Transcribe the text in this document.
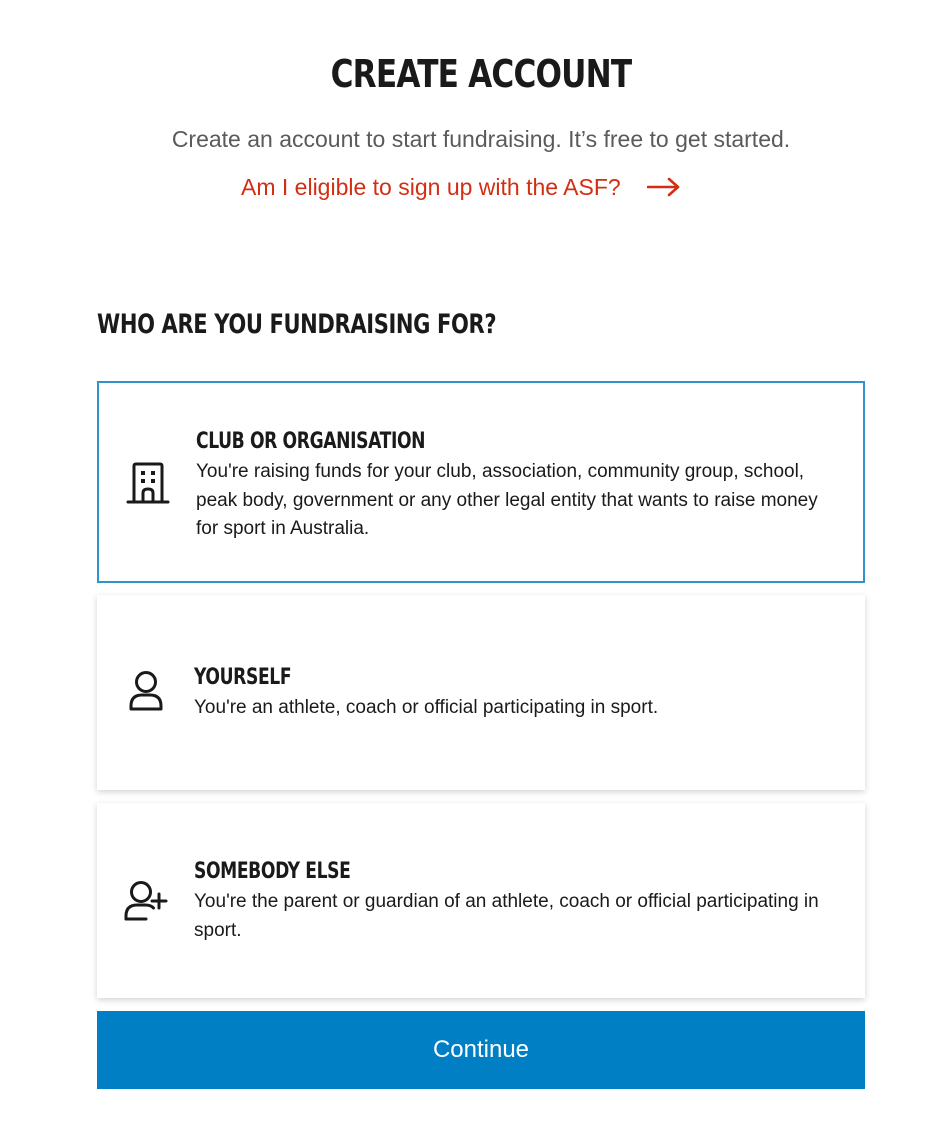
CREATE ACCOUNT
Create an account to start fundraising. It’s free to get started.
Am I eligible to sign up with the ASF?
WHO ARE YOU FUNDRAISING FOR?
CLUB OR ORGANISATION
You're raising funds for your club, association, community group, school, peak body, government or any other legal entity that wants to raise money for sport in Australia.
YOURSELF
You're an athlete, coach or official participating in sport.
SOMEBODY ELSE
You're the parent or guardian of an athlete, coach or official participating in sport.
Continue
